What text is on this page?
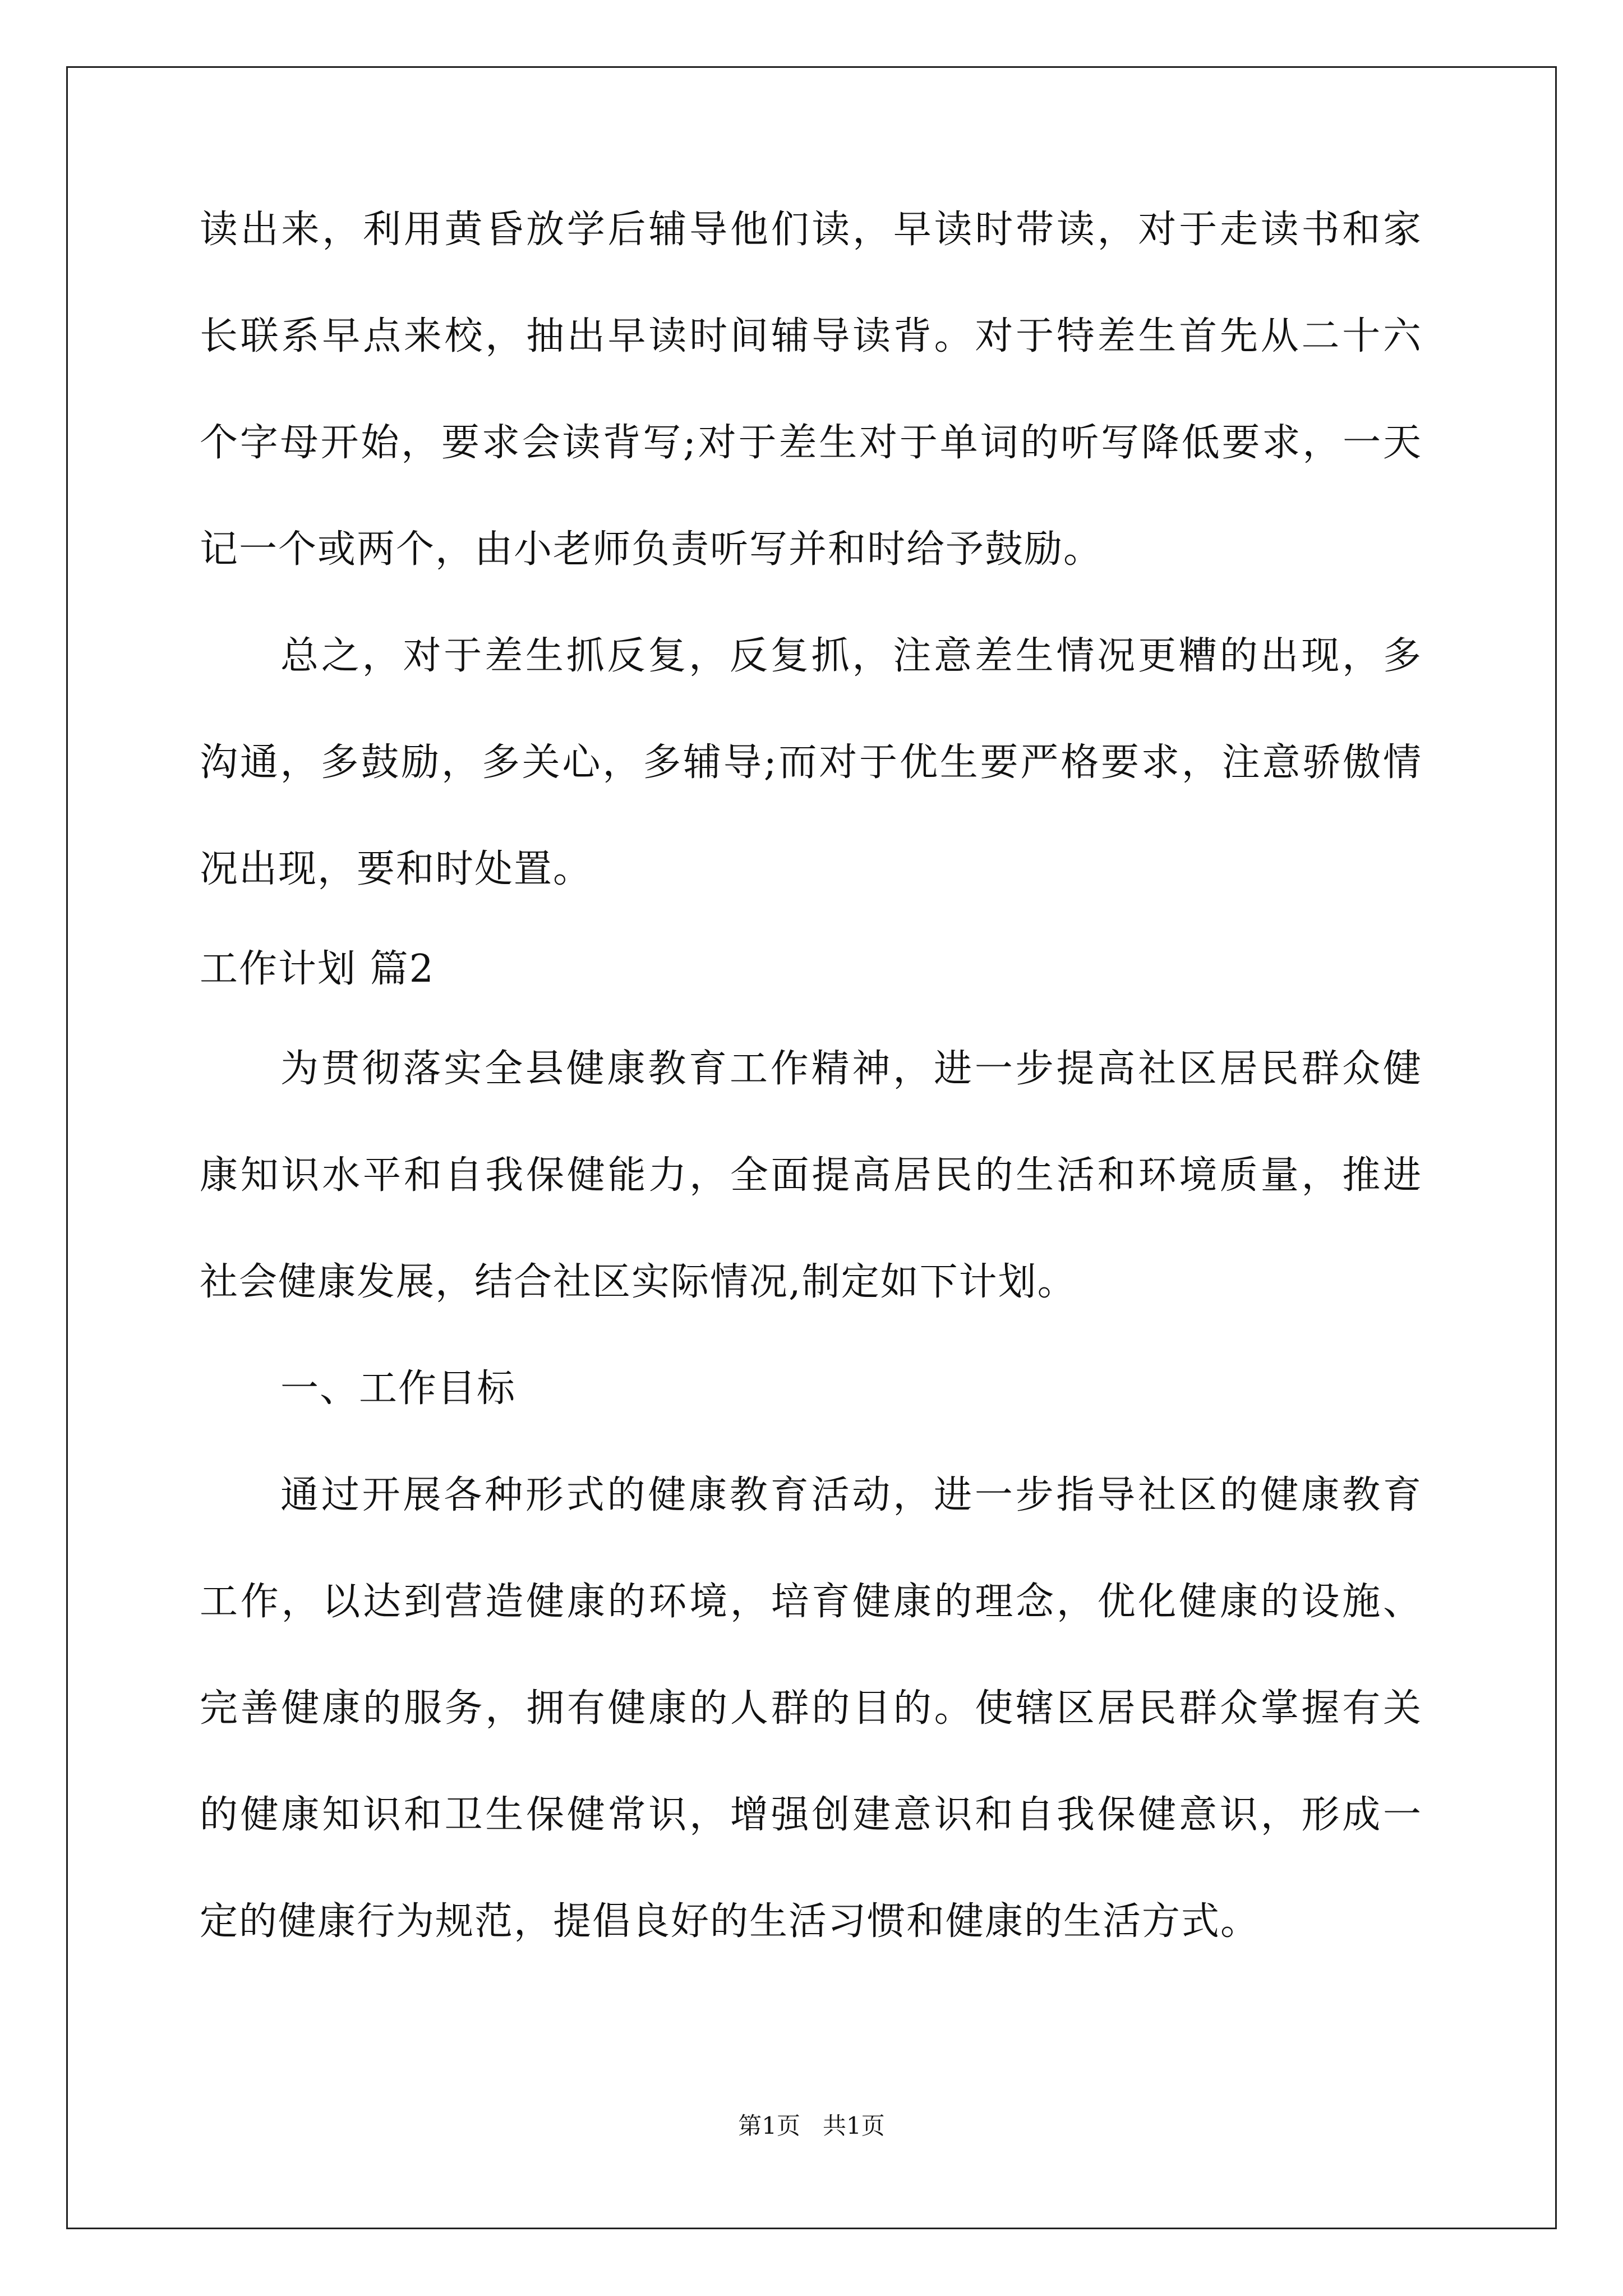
读出来，利用黄昏放学后辅导他们读，早读时带读，对于走读书和家
长联系早点来校，抽出早读时间辅导读背。对于特差生首先从二十六
个字母开始，要求会读背写;对于差生对于单词的听写降低要求，一天
记一个或两个，由小老师负责听写并和时给予鼓励。
总之，对于差生抓反复，反复抓，注意差生情况更糟的出现，多
沟通，多鼓励，多关心，多辅导;而对于优生要严格要求，注意骄傲情
况出现，要和时处置。
工作计划 篇2
为贯彻落实全县健康教育工作精神，进一步提高社区居民群众健
康知识水平和自我保健能力，全面提高居民的生活和环境质量，推进
社会健康发展，结合社区实际情况,制定如下计划。
一、工作目标
通过开展各种形式的健康教育活动，进一步指导社区的健康教育
工作，以达到营造健康的环境，培育健康的理念，优化健康的设施、
完善健康的服务，拥有健康的人群的目的。使辖区居民群众掌握有关
的健康知识和卫生保健常识，增强创建意识和自我保健意识，形成一
定的健康行为规范，提倡良好的生活习惯和健康的生活方式。
第1页   共1页
